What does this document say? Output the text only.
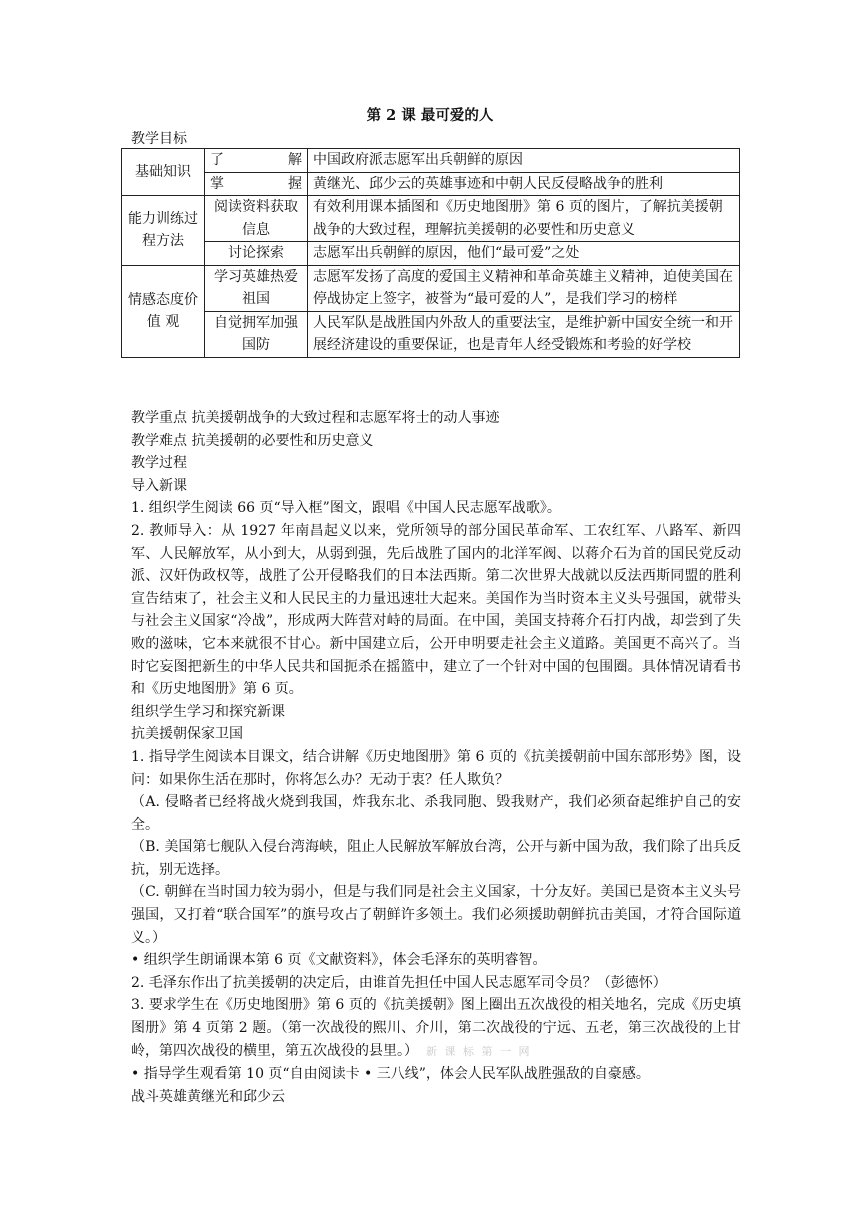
第 2 课 最可爱的人
教学目标
基础知识	了解	中国政府派志愿军出兵朝鲜的原因
	掌握	黄继光、邱少云的英雄事迹和中朝人民反侵略战争的胜利
能力训练过程方法	阅读资料获取信息	有效利用课本插图和《历史地图册》第 6 页的图片，了解抗美援朝战争的大致过程，理解抗美援朝的必要性和历史意义
	讨论探索	志愿军出兵朝鲜的原因，他们“最可爱”之处
情感态度价 值 观	学习英雄热爱祖国	志愿军发扬了高度的爱国主义精神和革命英雄主义精神，迫使美国在停战协定上签字，被誉为“最可爱的人”，是我们学习的榜样
	自觉拥军加强国防	人民军队是战胜国内外敌人的重要法宝，是维护新中国安全统一和开展经济建设的重要保证，也是青年人经受锻炼和考验的好学校

教学重点 抗美援朝战争的大致过程和志愿军将士的动人事迹

教学难点 抗美援朝的必要性和历史意义

教学过程

导入新课

1. 组织学生阅读 66 页“导入框”图文，跟唱《中国人民志愿军战歌》。

2. 教师导入：从 1927 年南昌起义以来，党所领导的部分国民革命军、工农红军、八路军、新四军、人民解放军，从小到大，从弱到强，先后战胜了国内的北洋军阀、以蒋介石为首的国民党反动派、汉奸伪政权等，战胜了公开侵略我们的日本法西斯。第二次世界大战就以反法西斯同盟的胜利宣告结束了，社会主义和人民民主的力量迅速壮大起来。美国作为当时资本主义头号强国，就带头与社会主义国家“冷战”，形成两大阵营对峙的局面。在中国，美国支持蒋介石打内战，却尝到了失败的滋味，它本来就很不甘心。新中国建立后，公开申明要走社会主义道路。美国更不高兴了。当时它妄图把新生的中华人民共和国扼杀在摇篮中，建立了一个针对中国的包围圈。具体情况请看书和《历史地图册》第 6 页。

组织学生学习和探究新课

抗美援朝保家卫国

1. 指导学生阅读本目课文，结合讲解《历史地图册》第 6 页的《抗美援朝前中国东部形势》图，设问：如果你生活在那时，你将怎么办？无动于衷？任人欺负？

（A. 侵略者已经将战火烧到我国，炸我东北、杀我同胞、毁我财产，我们必须奋起维护自己的安全。

（B. 美国第七舰队入侵台湾海峡，阻止人民解放军解放台湾，公开与新中国为敌，我们除了出兵反抗，别无选择。

（C. 朝鲜在当时国力较为弱小，但是与我们同是社会主义国家，十分友好。美国已是资本主义头号强国，又打着“联合国军”的旗号攻占了朝鲜许多领土。我们必须援助朝鲜抗击美国，才符合国际道义。）

• 组织学生朗诵课本第 6 页《文献资料》，体会毛泽东的英明睿智。

2. 毛泽东作出了抗美援朝的决定后，由谁首先担任中国人民志愿军司令员？（彭德怀）

3. 要求学生在《历史地图册》第 6 页的《抗美援朝》图上圈出五次战役的相关地名，完成《历史填图册》第 4 页第 2 题。（第一次战役的熙川、介川，第二次战役的宁远、五老，第三次战役的上甘岭，第四次战役的横里，第五次战役的县里。） 新 课 标 第 一 网

• 指导学生观看第 10 页“自由阅读卡 • 三八线”，体会人民军队战胜强敌的自豪感。

战斗英雄黄继光和邱少云
